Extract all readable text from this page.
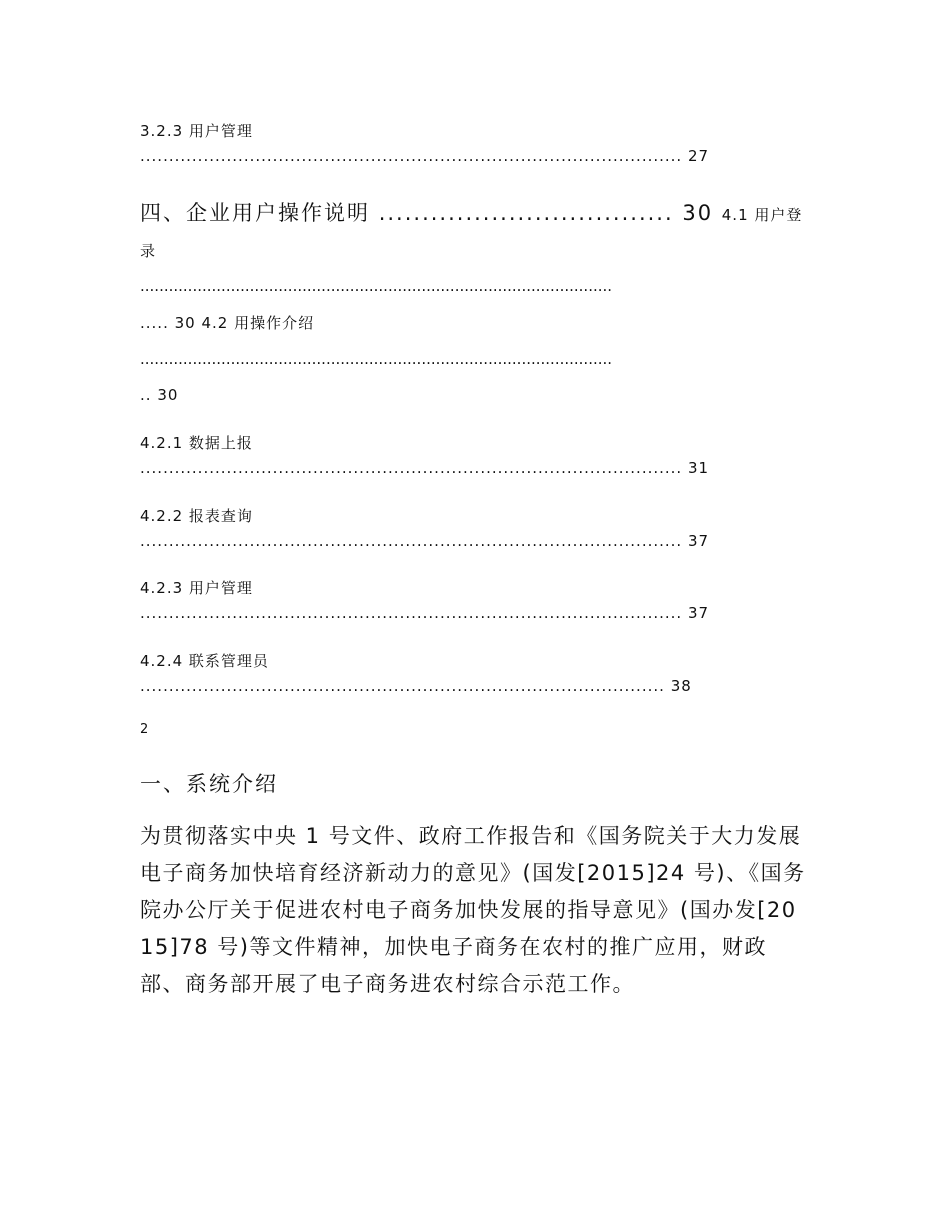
3.2.3 用户管理
.............................................................................................. 27
四、企业用户操作说明 .................................. 30 4.1 用户登
录
...................................................................................................
..... 30 4.2 用操作介绍
...................................................................................................
.. 30
4.2.1 数据上报
.............................................................................................. 31
4.2.2 报表查询
.............................................................................................. 37
4.2.3 用户管理
.............................................................................................. 37
4.2.4 联系管理员
........................................................................................... 38
2
一、系统介绍
为贯彻落实中央 1 号文件、政府工作报告和《国务院关于大力发展电子商务加快培育经济新动力的意见》(国发[2015]24 号)、《国务院办公厅关于促进农村电子商务加快发展的指导意见》(国办发[2015]78 号)等文件精神，加快电子商务在农村的推广应用，财政部、商务部开展了电子商务进农村综合示范工作。
